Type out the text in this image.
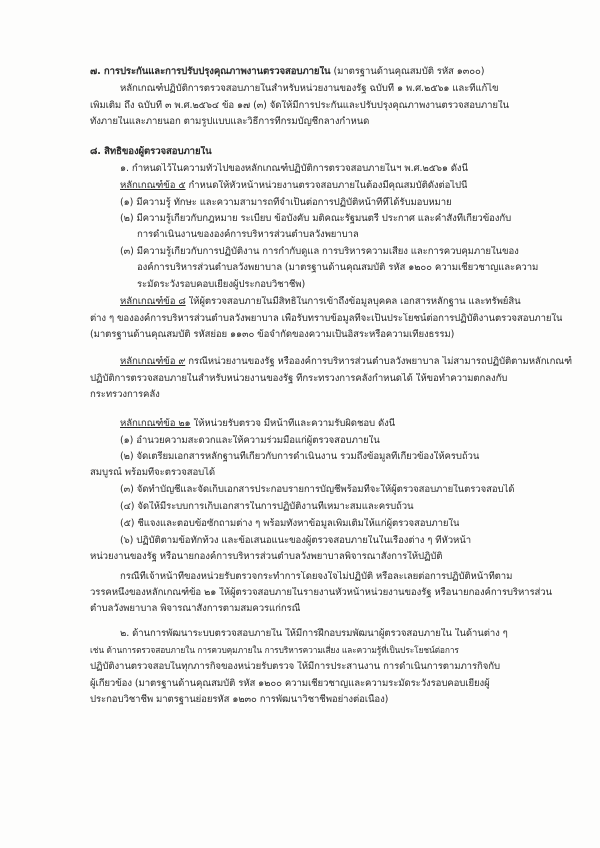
๗. การประกันและการปรับปรุงคุณภาพงานตรวจสอบภายใน (มาตรฐานด้านคุณสมบัติ รหัส ๑๓๐๐)
หลักเกณฑ์ปฏิบัติการตรวจสอบภายในสำหรับหน่วยงานของรัฐ ฉบับที่ ๑ พ.ศ.๒๕๖๑ และที่แก้ไข
เพิ่มเติม ถึง ฉบับที่ ๓ พ.ศ.๒๕๖๔ ข้อ ๑๗ (๓) จัดให้มีการประกันและปรับปรุงคุณภาพงานตรวจสอบภายใน
ทั้งภายในและภายนอก ตามรูปแบบและวิธีการที่กรมบัญชีกลางกำหนด
๘. สิทธิของผู้ตรวจสอบภายใน
๑. กำหนดไว้ในความทั่วไปของหลักเกณฑ์ปฏิบัติการตรวจสอบภายในฯ พ.ศ.๒๕๖๑ ดังนี้
หลักเกณฑ์ข้อ ๕ กำหนดให้หัวหน้าหน่วยงานตรวจสอบภายในต้องมีคุณสมบัติดังต่อไปนี้
(๑) มีความรู้ ทักษะ และความสามารถที่จำเป็นต่อการปฏิบัติหน้าที่ที่ได้รับมอบหมาย
(๒) มีความรู้เกี่ยวกับกฎหมาย ระเบียบ ข้อบังคับ มติคณะรัฐมนตรี ประกาศ และคำสั่งที่เกี่ยวข้องกับ
การดำเนินงานขององค์การบริหารส่วนตำบลวังพยาบาล
(๓) มีความรู้เกี่ยวกับการปฏิบัติงาน การกำกับดูแล การบริหารความเสี่ยง และการควบคุมภายในของ
องค์การบริหารส่วนตำบลวังพยาบาล (มาตรฐานด้านคุณสมบัติ รหัส ๑๒๐๐ ความเชี่ยวชาญและความ
ระมัดระวังรอบคอบเยี่ยงผู้ประกอบวิชาชีพ)
หลักเกณฑ์ข้อ ๘ ให้ผู้ตรวจสอบภายในมีสิทธิในการเข้าถึงข้อมูลบุคคล เอกสารหลักฐาน และทรัพย์สิน
ต่าง ๆ ขององค์การบริหารส่วนตำบลวังพยาบาล เพื่อรับทราบข้อมูลที่จะเป็นประโยชน์ต่อการปฏิบัติงานตรวจสอบภายใน
(มาตรฐานด้านคุณสมบัติ รหัสย่อย ๑๑๓๐ ข้อจำกัดของความเป็นอิสระหรือความเที่ยงธรรม)
หลักเกณฑ์ข้อ ๙ กรณีหน่วยงานของรัฐ หรือองค์การบริหารส่วนตำบลวังพยาบาล ไม่สามารถปฏิบัติตามหลักเกณฑ์
ปฏิบัติการตรวจสอบภายในสำหรับหน่วยงานของรัฐ ที่กระทรวงการคลังกำหนดได้ ให้ขอทำความตกลงกับ
กระทรวงการคลัง
หลักเกณฑ์ข้อ ๒๑ ให้หน่วยรับตรวจ มีหน้าที่และความรับผิดชอบ ดังนี้
(๑) อำนวยความสะดวกและให้ความร่วมมือแก่ผู้ตรวจสอบภายใน
(๒) จัดเตรียมเอกสารหลักฐานที่เกี่ยวกับการดำเนินงาน รวมถึงข้อมูลที่เกี่ยวข้องให้ครบถ้วน
สมบูรณ์ พร้อมที่จะตรวจสอบได้
(๓) จัดทำบัญชีและจัดเก็บเอกสารประกอบรายการบัญชีพร้อมที่จะให้ผู้ตรวจสอบภายในตรวจสอบได้
(๔) จัดให้มีระบบการเก็บเอกสารในการปฏิบัติงานที่เหมาะสมและครบถ้วน
(๕) ชี้แจงและตอบข้อซักถามต่าง ๆ พร้อมทั้งหาข้อมูลเพิ่มเติมให้แก่ผู้ตรวจสอบภายใน
(๖) ปฏิบัติตามข้อทักท้วง และข้อเสนอแนะของผู้ตรวจสอบภายในในเรื่องต่าง ๆ ที่หัวหน้า
หน่วยงานของรัฐ หรือนายกองค์การบริหารส่วนตำบลวังพยาบาลพิจารณาสั่งการให้ปฏิบัติ
กรณีที่เจ้าหน้าที่ของหน่วยรับตรวจกระทำการโดยจงใจไม่ปฏิบัติ หรือละเลยต่อการปฏิบัติหน้าที่ตาม
วรรคหนึ่งของหลักเกณฑ์ข้อ ๒๑ ให้ผู้ตรวจสอบภายในรายงานหัวหน้าหน่วยงานของรัฐ หรือนายกองค์การบริหารส่วน
ตำบลวังพยาบาล พิจารณาสั่งการตามสมควรแก่กรณี
๒. ด้านการพัฒนาระบบตรวจสอบภายใน ให้มีการฝึกอบรมพัฒนาผู้ตรวจสอบภายใน ในด้านต่าง ๆ
เช่น ด้านการตรวจสอบภายใน การควบคุมภายใน การบริหารความเสี่ยง และความรู้ที่เป็นประโยชน์ต่อการ
ปฏิบัติงานตรวจสอบในทุกภารกิจของหน่วยรับตรวจ ให้มีการประสานงาน การดำเนินการตามภารกิจกับ
ผู้เกี่ยวข้อง (มาตรฐานด้านคุณสมบัติ รหัส ๑๒๐๐ ความเชี่ยวชาญและความระมัดระวังรอบคอบเยี่ยงผู้
ประกอบวิชาชีพ มาตรฐานย่อยรหัส ๑๒๓๐ การพัฒนาวิชาชีพอย่างต่อเนื่อง)
